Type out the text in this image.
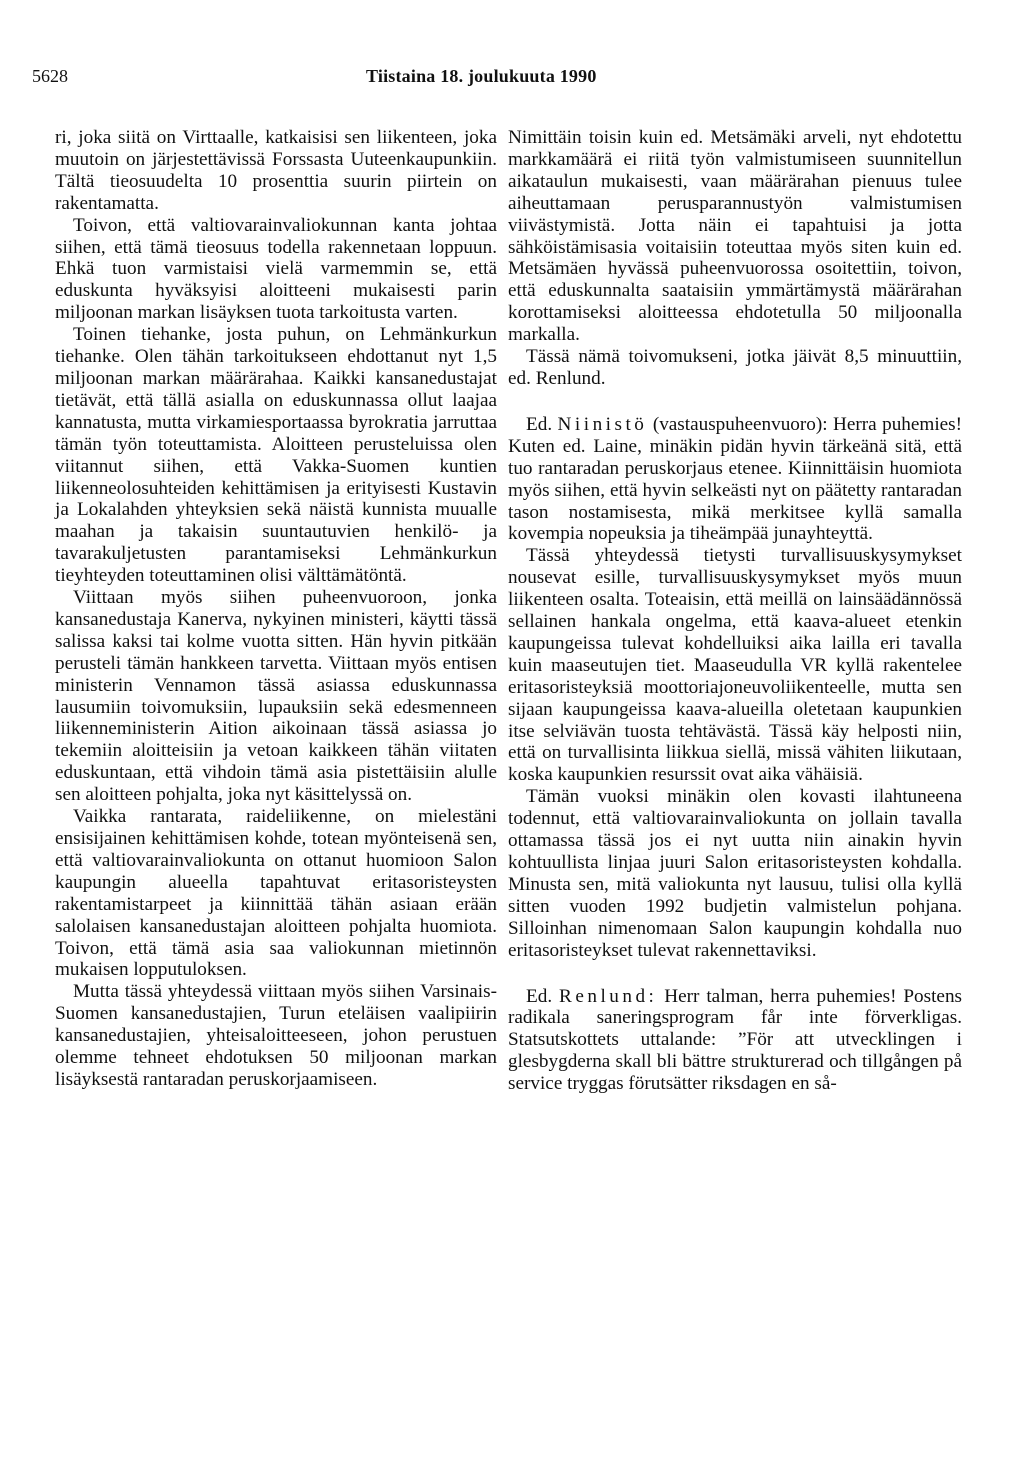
5628	Tiistaina 18. joulukuuta 1990

ri, joka siitä on Virttaalle, katkaisisi sen liikenteen, joka muutoin on järjestettävissä Forssasta Uuteenkaupunkiin. Tältä tieosuudelta 10 prosenttia suurin piirtein on rakentamatta.

Toivon, että valtiovarainvaliokunnan kanta johtaa siihen, että tämä tieosuus todella rakennetaan loppuun. Ehkä tuon varmistaisi vielä varmemmin se, että eduskunta hyväksyisi aloitteeni mukaisesti parin miljoonan markan lisäyksen tuota tarkoitusta varten.

Toinen tiehanke, josta puhun, on Lehmänkurkun tiehanke. Olen tähän tarkoitukseen ehdottanut nyt 1,5 miljoonan markan määrärahaa. Kaikki kansanedustajat tietävät, että tällä asialla on eduskunnassa ollut laajaa kannatusta, mutta virkamiesportaassa byrokratia jarruttaa tämän työn toteuttamista. Aloitteen perusteluissa olen viitannut siihen, että Vakka-Suomen kuntien liikenneolosuhteiden kehittämisen ja erityisesti Kustavin ja Lokalahden yhteyksien sekä näistä kunnista muualle maahan ja takaisin suuntautuvien henkilö- ja tavarakuljetusten parantamiseksi Lehmänkurkun tieyhteyden toteuttaminen olisi välttämätöntä.

Viittaan myös siihen puheenvuoroon, jonka kansanedustaja Kanerva, nykyinen ministeri, käytti tässä salissa kaksi tai kolme vuotta sitten. Hän hyvin pitkään perusteli tämän hankkeen tarvetta. Viittaan myös entisen ministerin Vennamon tässä asiassa eduskunnassa lausumiin toivomuksiin, lupauksiin sekä edesmenneen liikenneministerin Aition aikoinaan tässä asiassa jo tekemiin aloitteisiin ja vetoan kaikkeen tähän viitaten eduskuntaan, että vihdoin tämä asia pistettäisiin alulle sen aloitteen pohjalta, joka nyt käsittelyssä on.

Vaikka rantarata, raideliikenne, on mielestäni ensisijainen kehittämisen kohde, totean myönteisenä sen, että valtiovarainvaliokunta on ottanut huomioon Salon kaupungin alueella tapahtuvat eritasoristeysten rakentamistarpeet ja kiinnittää tähän asiaan erään salolaisen kansanedustajan aloitteen pohjalta huomiota. Toivon, että tämä asia saa valiokunnan mietinnön mukaisen lopputuloksen.

Mutta tässä yhteydessä viittaan myös siihen Varsinais-Suomen kansanedustajien, Turun eteläisen vaalipiirin kansanedustajien, yhteisaloitteeseen, johon perustuen olemme tehneet ehdotuksen 50 miljoonan markan lisäyksestä rantaradan peruskorjaamiseen.

Nimittäin toisin kuin ed. Metsämäki arveli, nyt ehdotettu markkamäärä ei riitä työn valmistumiseen suunnitellun aikataulun mukaisesti, vaan määrärahan pienuus tulee aiheuttamaan perusparannustyön valmistumisen viivästymistä. Jotta näin ei tapahtuisi ja jotta sähköistämisasia voitaisiin toteuttaa myös siten kuin ed. Metsämäen hyvässä puheenvuorossa osoitettiin, toivon, että eduskunnalta saataisiin ymmärtämystä määrärahan korottamiseksi aloitteessa ehdotetulla 50 miljoonalla markalla.

Tässä nämä toivomukseni, jotka jäivät 8,5 minuuttiin, ed. Renlund.

Ed. Niinistö (vastauspuheenvuoro): Herra puhemies! Kuten ed. Laine, minäkin pidän hyvin tärkeänä sitä, että tuo rantaradan peruskorjaus etenee. Kiinnittäisin huomiota myös siihen, että hyvin selkeästi nyt on päätetty rantaradan tason nostamisesta, mikä merkitsee kyllä samalla kovempia nopeuksia ja tiheämpää junayhteyttä.

Tässä yhteydessä tietysti turvallisuuskysymykset nousevat esille, turvallisuuskysymykset myös muun liikenteen osalta. Toteaisin, että meillä on lainsäädännössä sellainen hankala ongelma, että kaava-alueet etenkin kaupungeissa tulevat kohdelluiksi aika lailla eri tavalla kuin maaseutujen tiet. Maaseudulla VR kyllä rakentelee eritasoristeyksiä moottoriajoneuvoliikenteelle, mutta sen sijaan kaupungeissa kaava-alueilla oletetaan kaupunkien itse selviävän tuosta tehtävästä. Tässä käy helposti niin, että on turvallisinta liikkua siellä, missä vähiten liikutaan, koska kaupunkien resurssit ovat aika vähäisiä.

Tämän vuoksi minäkin olen kovasti ilahtuneena todennut, että valtiovarainvaliokunta on jollain tavalla ottamassa tässä jos ei nyt uutta niin ainakin hyvin kohtuullista linjaa juuri Salon eritasoristeysten kohdalla. Minusta sen, mitä valiokunta nyt lausuu, tulisi olla kyllä sitten vuoden 1992 budjetin valmistelun pohjana. Silloinhan nimenomaan Salon kaupungin kohdalla nuo eritasoristeykset tulevat rakennettaviksi.

Ed. Renlund: Herr talman, herra puhemies! Postens radikala saneringsprogram får inte förverkligas. Statsutskottets uttalande: ”För att utvecklingen i glesbygderna skall bli bättre strukturerad och tillgången på service tryggas förutsätter riksdagen en så-
